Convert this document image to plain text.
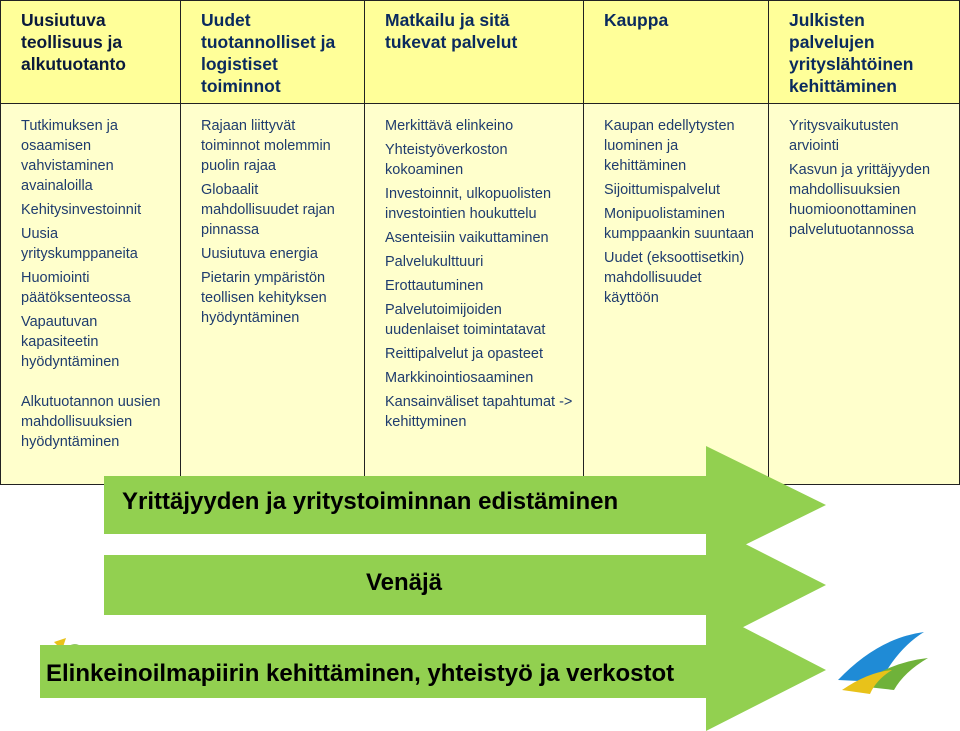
Uusiutuva teollisuus ja alkutuotanto
Tutkimuksen ja osaamisen vahvistaminen avainaloilla
Kehitysinvestoinnit
Uusia yrityskumppaneita
Huomiointi päätöksenteossa
Vapautuvan kapasiteetin hyödyntäminen
Alkutuotannon uusien mahdollisuuksien hyödyntäminen
Uudet tuotannolliset ja logistiset toiminnot
Rajaan liittyvät toiminnot molemmin puolin rajaa
Globaalit mahdollisuudet rajan pinnassa
Uusiutuva energia
Pietarin ympäristön teollisen kehityksen hyödyntäminen
Matkailu ja sitä tukevat palvelut
Merkittävä elinkeino
Yhteistyöverkoston kokoaminen
Investoinnit, ulkopuolisten investointien houkuttelu
Asenteisiin vaikuttaminen
Palvelukulttuuri
Erottautuminen
Palvelutoimijoiden uudenlaiset toimintatavat
Reittipalvelut ja opasteet
Markkinointiosaaminen
Kansainväliset tapahtumat -> kehittyminen
Kauppa
Kaupan edellytysten luominen ja kehittäminen
Sijoittumispalvelut
Monipuolistaminen kumppaankin suuntaan
Uudet (eksoottisetkin) mahdollisuudet käyttöön
Julkisten palvelujen yrityslähtöinen kehittäminen
Yritysvaikutusten arviointi
Kasvun ja yrittäjyyden mahdollisuuksien huomioonottaminen palvelutuotannossa
Yrittäjyyden ja yritystoiminnan edistäminen
Venäjä
Elinkeinoilmapiirin kehittäminen, yhteistyö ja verkostot
